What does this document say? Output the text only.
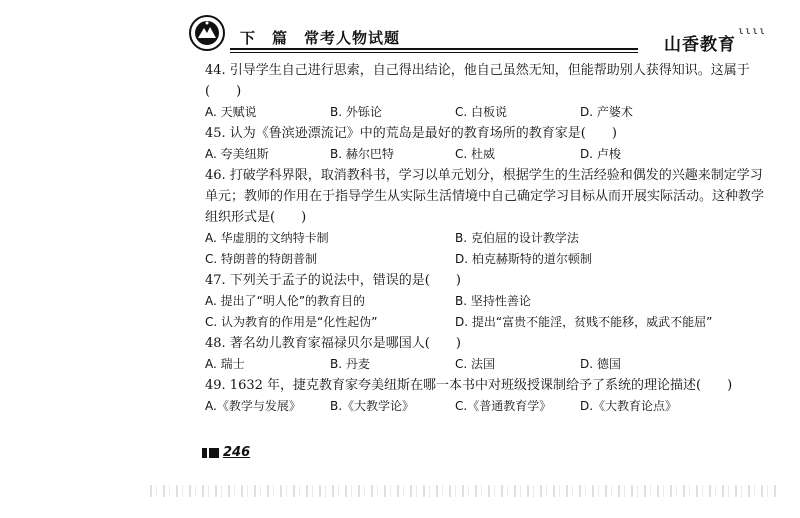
下 篇 常考人物试题	山香教育
ɩɩɩɩ

44. 引导学生自己进行思索，自己得出结论，他自己虽然无知，但能帮助别人获得知识。这属于(　　)

A. 天赋说	B. 外铄论	C. 白板说	D. 产婆术

45. 认为《鲁滨逊漂流记》中的荒岛是最好的教育场所的教育家是(　　)

A. 夸美纽斯	B. 赫尔巴特	C. 杜威	D. 卢梭

46. 打破学科界限，取消教科书，学习以单元划分，根据学生的生活经验和偶发的兴趣来制定学习单元；教师的作用在于指导学生从实际生活情境中自己确定学习目标从而开展实际活动。这种教学组织形式是(　　)

A. 华虚朋的文纳特卡制	B. 克伯屈的设计教学法
C. 特朗普的特朗普制	D. 柏克赫斯特的道尔顿制

47. 下列关于孟子的说法中，错误的是(　　)

A. 提出了“明人伦”的教育目的	B. 坚持性善论
C. 认为教育的作用是“化性起伪”	D. 提出“富贵不能淫，贫贱不能移，威武不能屈”

48. 著名幼儿教育家福禄贝尔是哪国人(　　)

A. 瑞士	B. 丹麦	C. 法国	D. 德国

49. 1632 年，捷克教育家夸美纽斯在哪一本书中对班级授课制给予了系统的理论描述(　　)

A.《教学与发展》	B.《大教学论》	C.《普通教育学》	D.《大教育论点》
246
